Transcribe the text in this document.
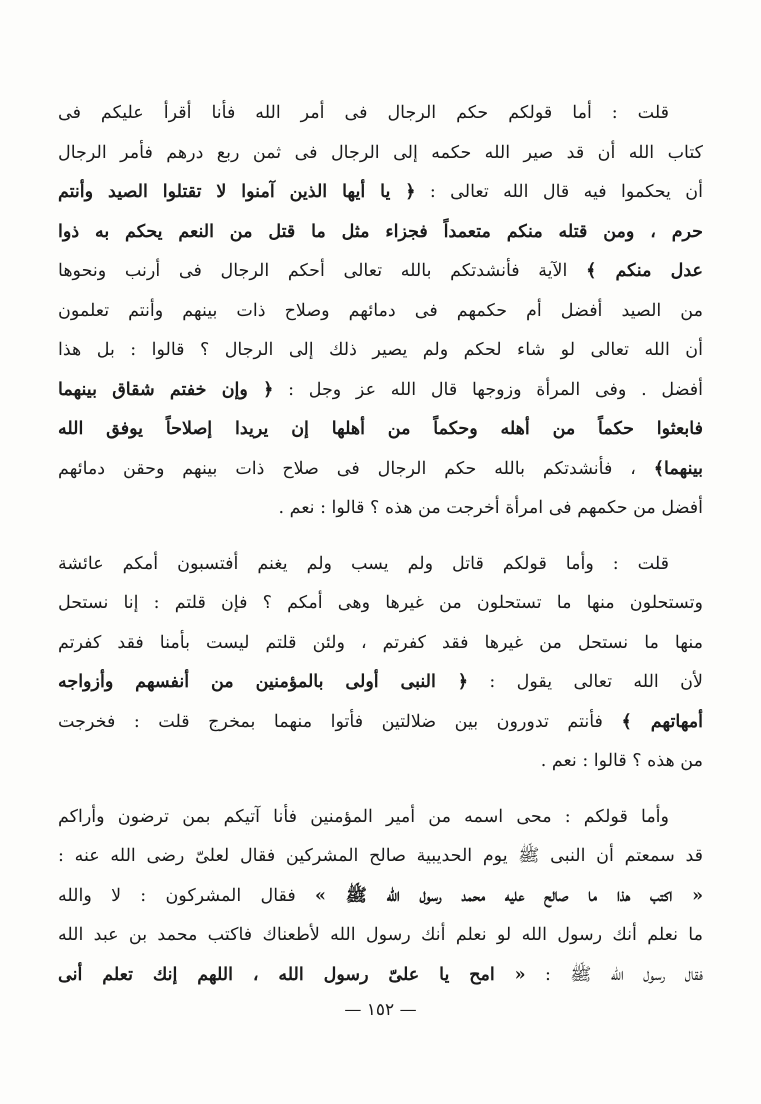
قلت : أما قولكم حكم الرجال فى أمر الله فأنا أقرأ عليكم فى
كتاب الله أن قد صير الله حكمه إلى الرجال فى ثمن ربع درهم فأمر الرجال
أن يحكموا فيه قال الله تعالى : ﴿ يا أيها الذين آمنوا لا تقتلوا الصيد وأنتم
حرم ، ومن قتله منكم متعمداً فجزاء مثل ما قتل من النعم يحكم به ذوا
عدل منكم ﴾ الآية فأنشدتكم بالله تعالى أحكم الرجال فى أرنب ونحوها
من الصيد أفضل أم حكمهم فى دمائهم وصلاح ذات بينهم وأنتم تعلمون
أن الله تعالى لو شاء لحكم ولم يصير ذلك إلى الرجال ؟ قالوا : بل هذا
أفضل . وفى المرأة وزوجها قال الله عز وجل : ﴿ وإن خفتم شقاق بينهما
فابعثوا حكماً من أهله وحكماً من أهلها إن يريدا إصلاحاً يوفق الله
بينهما﴾ ، فأنشدتكم بالله حكم الرجال فى صلاح ذات بينهم وحقن دمائهم
أفضل من حكمهم فى امرأة أخرجت من هذه ؟ قالوا : نعم .
قلت : وأما قولكم قاتل ولم يسب ولم يغنم أفتسبون أمكم عائشة
وتستحلون منها ما تستحلون من غيرها وهى أمكم ؟ فإن قلتم : إنا نستحل
منها ما نستحل من غيرها فقد كفرتم ، ولئن قلتم ليست بأمنا فقد كفرتم
لأن الله تعالى يقول : ﴿ النبى أولى بالمؤمنين من أنفسهم وأزواجه
أمهاتهم ﴾ فأنتم تدورون بين ضلالتين فأتوا منهما بمخرج قلت : فخرجت
من هذه ؟ قالوا : نعم .
وأما قولكم : محى اسمه من أمير المؤمنين فأنا آتيكم بمن ترضون وأراكم
قد سمعتم أن النبى ﷺ يوم الحديبية صالح المشركين فقال لعلىّ رضى الله عنه :
« اكتب هذا ما صالح عليه محمد رسول الله ﷺ » فقال المشركون : لا والله
ما نعلم أنك رسول الله لو نعلم أنك رسول الله لأطعناك فاكتب محمد بن عبد الله
فقال رسول الله ﷺ : « امح يا علىّ رسول الله ، اللهم إنك تعلم أنى
— ١٥٢ —
